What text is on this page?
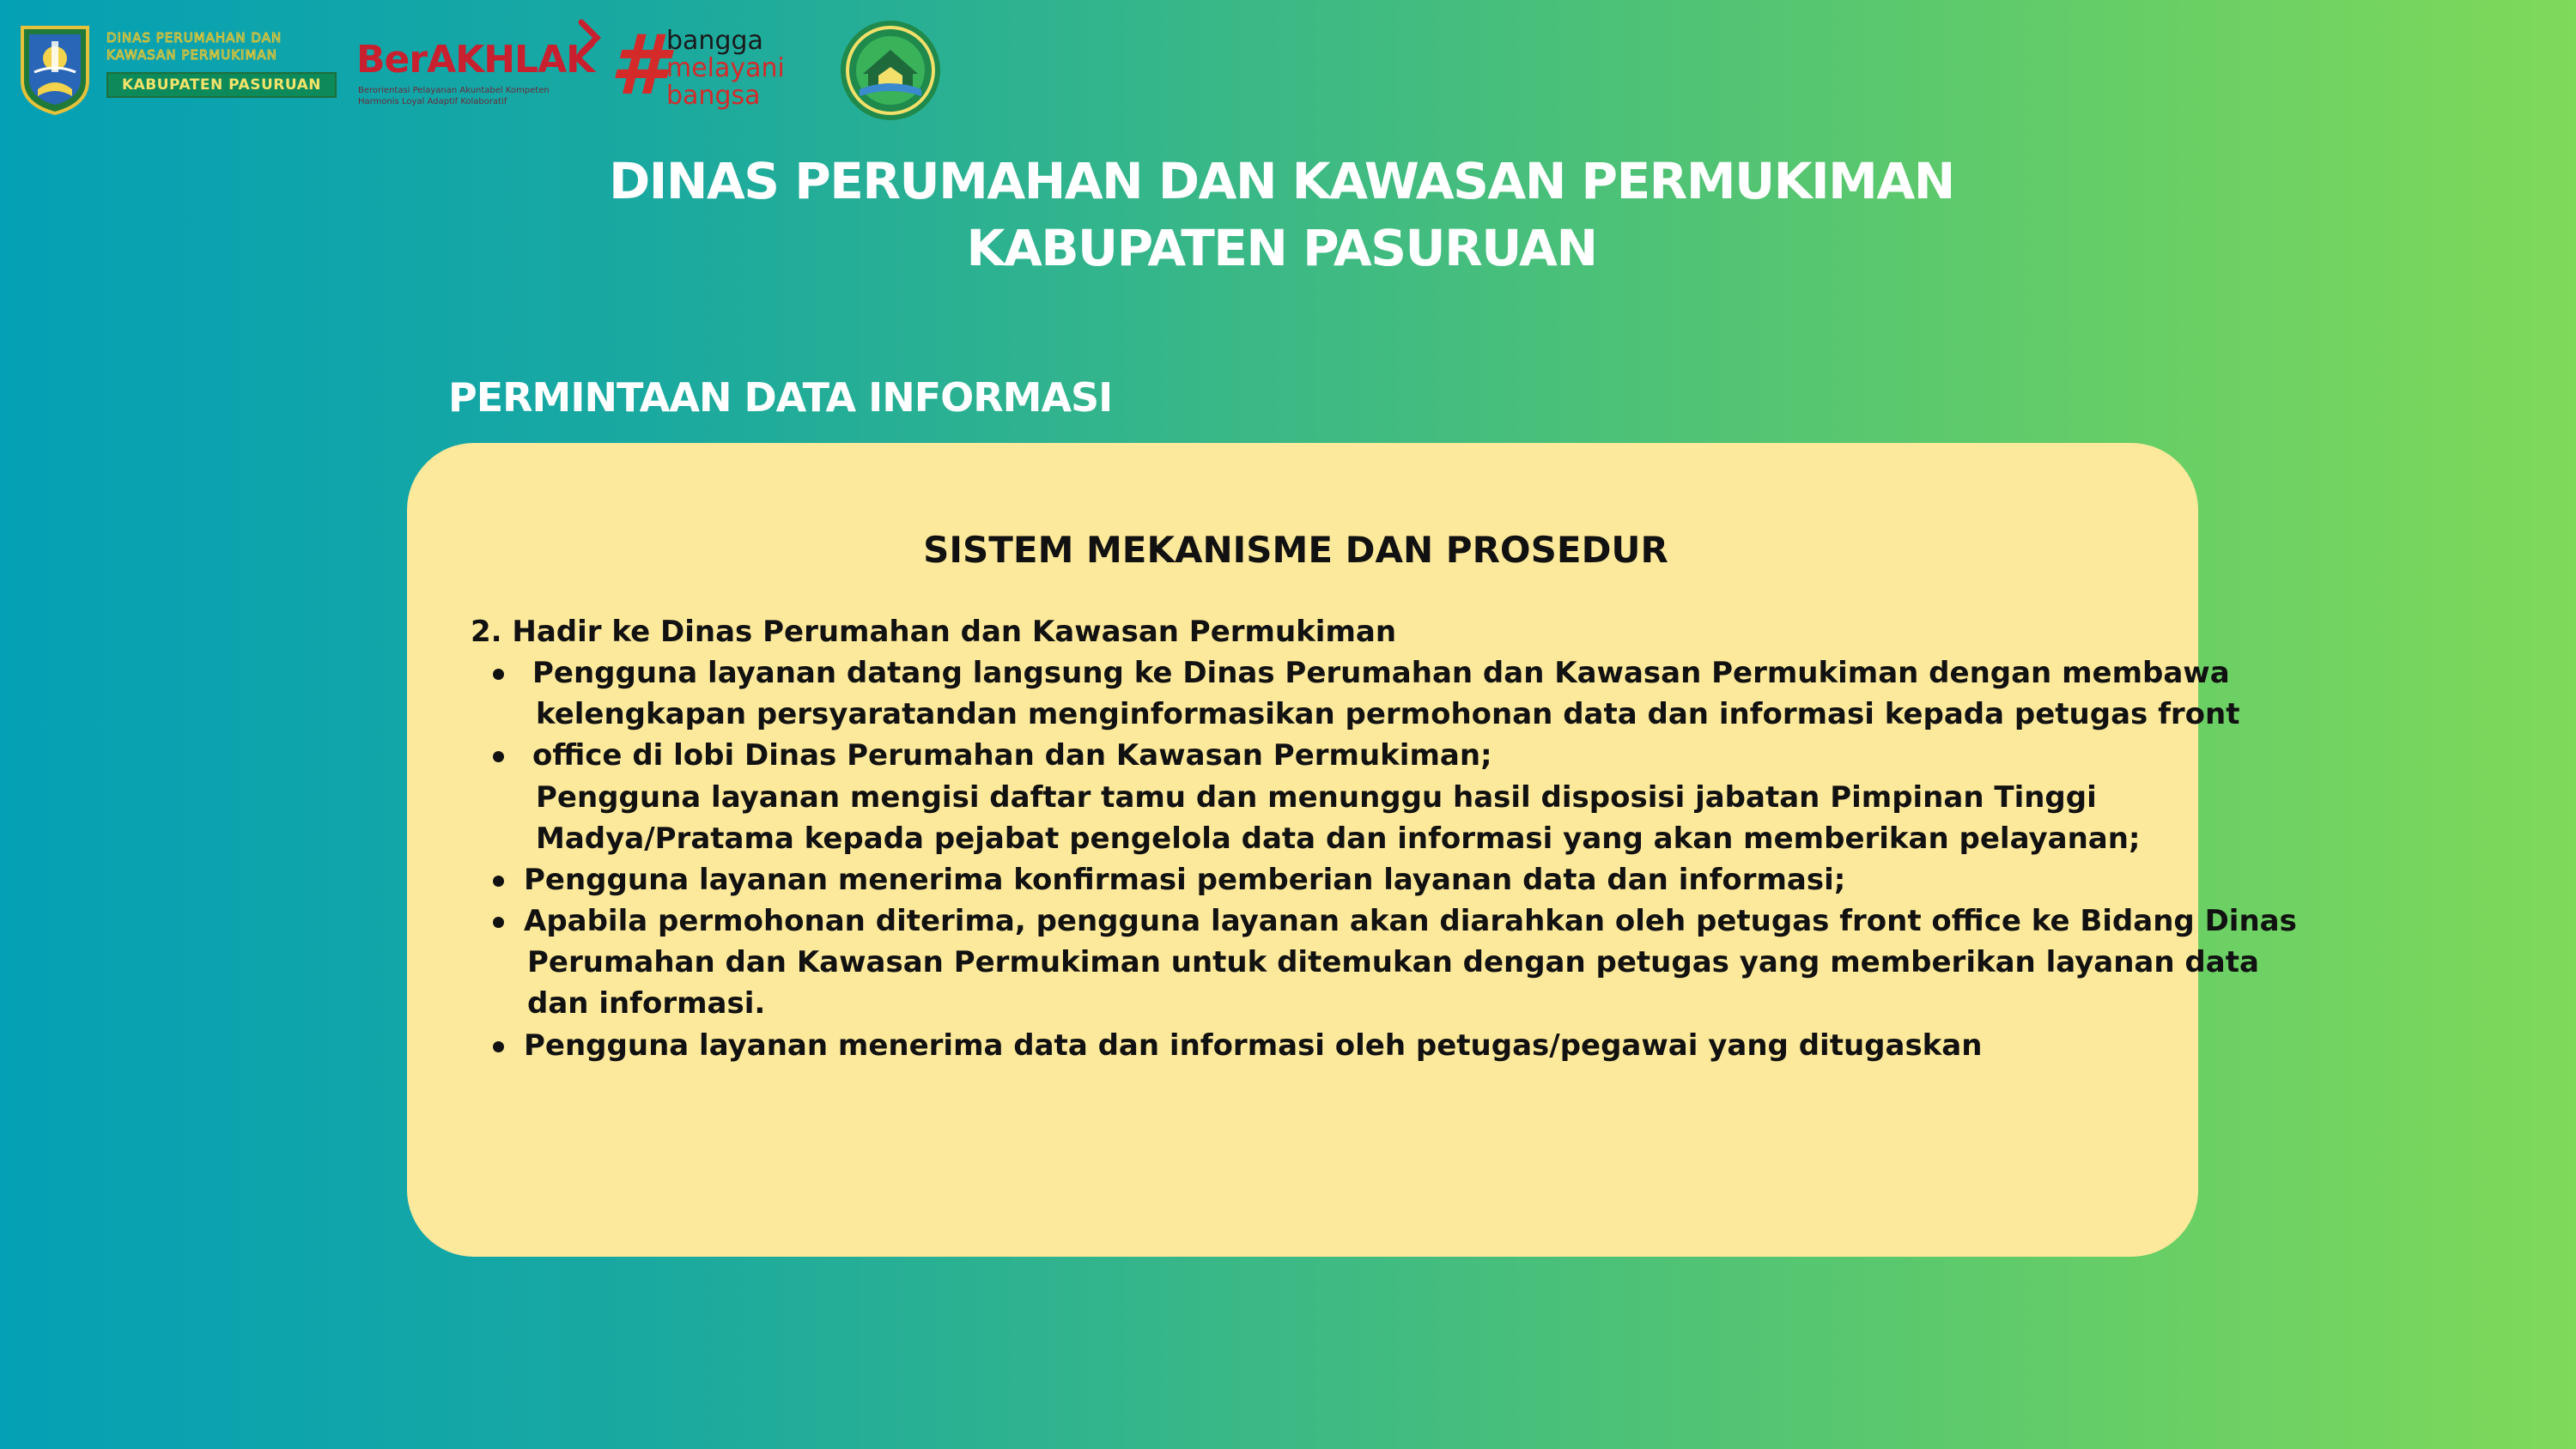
DINAS PERUMAHAN DAN
KAWASAN PERMUKIMAN
KABUPATEN PASURUAN
BerAKHLAK
Berorientasi Pelayanan Akuntabel Kompeten
Harmonis Loyal Adaptif Kolaboratif # bangga
melayani
bangsa
DINAS PERUMAHAN DAN KAWASAN PERMUKIMAN
KABUPATEN PASURUAN
PERMINTAAN DATA INFORMASI
SISTEM MEKANISME DAN PROSEDUR
2. Hadir ke Dinas Perumahan dan Kawasan Permukiman
Pengguna layanan datang langsung ke Dinas Perumahan dan Kawasan Permukiman dengan membawa
kelengkapan persyaratandan menginformasikan permohonan data dan informasi kepada petugas front
office di lobi Dinas Perumahan dan Kawasan Permukiman;
Pengguna layanan mengisi daftar tamu dan menunggu hasil disposisi jabatan Pimpinan Tinggi
Madya/Pratama kepada pejabat pengelola data dan informasi yang akan memberikan pelayanan;
Pengguna layanan menerima konfirmasi pemberian layanan data dan informasi;
Apabila permohonan diterima, pengguna layanan akan diarahkan oleh petugas front office ke Bidang Dinas
Perumahan dan Kawasan Permukiman untuk ditemukan dengan petugas yang memberikan layanan data
dan informasi.
Pengguna layanan menerima data dan informasi oleh petugas/pegawai yang ditugaskan
